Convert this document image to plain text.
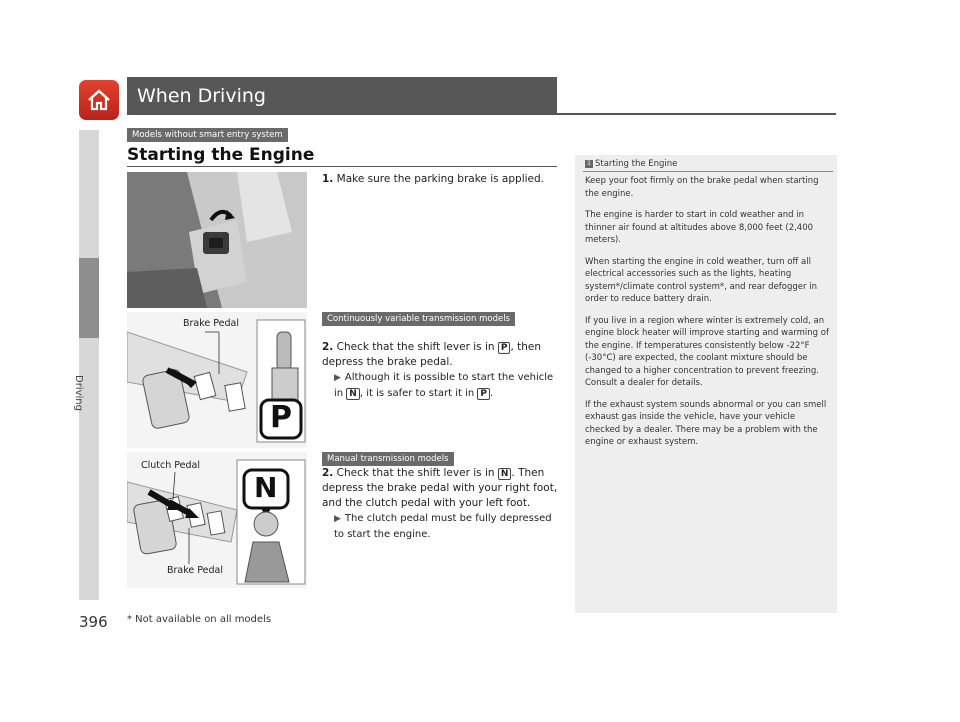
When Driving
Driving
Models without smart entry system
Starting the Engine
1. Make sure the parking brake is applied.
Continuously variable transmission models
Brake Pedal
P
2. Check that the shift lever is in P , then depress the brake pedal.
▶ Although it is possible to start the vehicle in N , it is safer to start it in P .
Manual transmission models
Clutch Pedal
Brake Pedal
N	2. Check that the shift lever is in N . Then depress the brake pedal with your right foot, and the clutch pedal with your left foot.
▶ The clutch pedal must be fully depressed to start the engine.
1 Starting the Engine

Keep your foot firmly on the brake pedal when starting the engine.

The engine is harder to start in cold weather and in thinner air found at altitudes above 8,000 feet (2,400 meters).

When starting the engine in cold weather, turn off all electrical accessories such as the lights, heating system*/climate control system*, and rear defogger in order to reduce battery drain.

If you live in a region where winter is extremely cold, an engine block heater will improve starting and warming of the engine. If temperatures consistently below -22°F (-30°C) are expected, the coolant mixture should be changed to a higher concentration to prevent freezing. Consult a dealer for details.

If the exhaust system sounds abnormal or you can smell exhaust gas inside the vehicle, have your vehicle checked by a dealer. There may be a problem with the engine or exhaust system.

396 * Not available on all models
